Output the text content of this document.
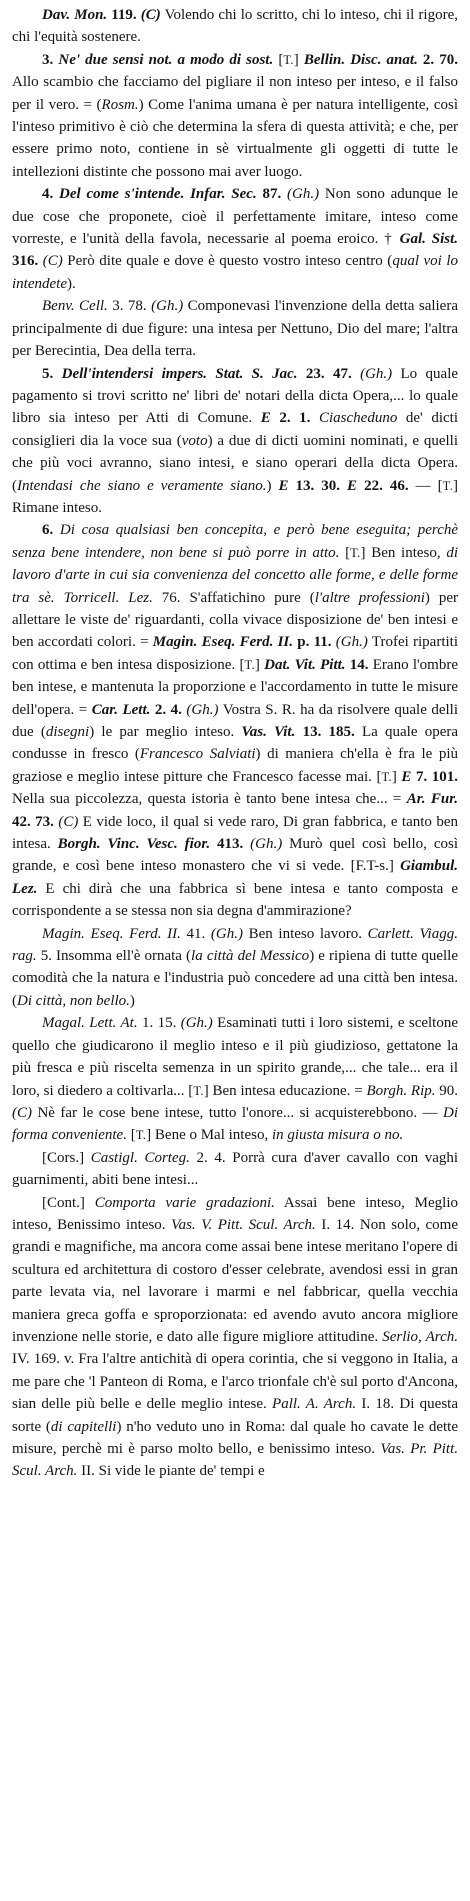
Dav. Mon. 119. (C) Volendo chi lo scritto, chi lo inteso, chi il rigore, chi l'equità sostenere.

3. Ne' due sensi not. a modo di sost. [T.] Bellin. Disc. anat. 2. 70. Allo scambio che facciamo del pigliare il non inteso per inteso, e il falso per il vero. = (Rosm.) Come l'anima umana è per natura intelligente, così l'inteso primitivo è ciò che determina la sfera di questa attività; e che, per essere primo noto, contiene in sè virtualmente gli oggetti di tutte le intellezioni distinte che possono mai aver luogo.

4. Del come s'intende. Infar. Sec. 87. (Gh.) Non sono adunque le due cose che proponete, cioè il perfettamente imitare, inteso come vorreste, e l'unità della favola, necessarie al poema eroico. † Gal. Sist. 316. (C) Però dite quale e dove è questo vostro inteso centro (qual voi lo intendete).

Benv. Cell. 3. 78. (Gh.) Componevasi l'invenzione della detta saliera principalmente di due figure: una intesa per Nettuno, Dio del mare; l'altra per Berecintia, Dea della terra.

5. Dell'intendersi impers. Stat. S. Jac. 23. 47. (Gh.) Lo quale pagamento si trovi scritto ne' libri de' notari della dicta Opera,... lo quale libro sia inteso per Atti di Comune. E 2. 1. Ciascheduno de' dicti consiglieri dia la voce sua (voto) a due di dicti uomini nominati, e quelli che più voci avranno, siano intesi, e siano operari della dicta Opera. (Intendasi che siano e veramente siano.) E 13. 30. E 22. 46. — [T.] Rimane inteso.

6. Di cosa qualsiasi ben concepita, e però bene eseguita; perchè senza bene intendere, non bene si può porre in atto. [T.] Ben inteso, di lavoro d'arte in cui sia convenienza del concetto alle forme, e delle forme tra sè. Torricell. Lez. 76. S'affatichino pure (l'altre professioni) per allettare le viste de' riguardanti, colla vivace disposizione de' ben intesi e ben accordati colori. = Magin. Eseq. Ferd. II. p. 11. (Gh.) Trofei ripartiti con ottima e ben intesa disposizione. [T.] Dat. Vit. Pitt. 14. Erano l'ombre ben intese, e mantenuta la proporzione e l'accordamento in tutte le misure dell'opera. = Car. Lett. 2. 4. (Gh.) Vostra S. R. ha da risolvere quale delli due (disegni) le par meglio inteso. Vas. Vit. 13. 185. La quale opera condusse in fresco (Francesco Salviati) di maniera ch'ella è fra le più graziose e meglio intese pitture che Francesco facesse mai. [T.] E 7. 101. Nella sua piccolezza, questa istoria è tanto bene intesa che... = Ar. Fur. 42. 73. (C) E vide loco, il qual si vede raro, Di gran fabbrica, e tanto ben intesa. Borgh. Vinc. Vesc. fior. 413. (Gh.) Murò quel così bello, così grande, e così bene inteso monastero che vi si vede. [F.T-s.] Giambul. Lez. E chi dirà che una fabbrica sì bene intesa e tanto composta e corrispondente a se stessa non sia degna d'ammirazione?

Magin. Eseq. Ferd. II. 41. (Gh.) Ben inteso lavoro. Carlett. Viagg. rag. 5. Insomma ell'è ornata (la città del Messico) e ripiena di tutte quelle comodità che la natura e l'industria può concedere ad una città ben intesa. (Di città, non bello.)

Magal. Lett. At. 1. 15. (Gh.) Esaminati tutti i loro sistemi, e sceltone quello che giudicarono il meglio inteso e il più giudizioso, gettatone la più fresca e più riscelta semenza in un spirito grande,... che tale... era il loro, si diedero a coltivarla... [T.] Ben intesa educazione. = Borgh. Rip. 90. (C) Nè far le cose bene intese, tutto l'onore... si acquisterebbono. — Di forma conveniente. [T.] Bene o Mal inteso, in giusta misura o no.

[Cors.] Castigl. Corteg. 2. 4. Porrà cura d'aver cavallo con vaghi guarnimenti, abiti bene intesi...

[Cont.] Comporta varie gradazioni. Assai bene inteso, Meglio inteso, Benissimo inteso. Vas. V. Pitt. Scul. Arch. I. 14. Non solo, come grandi e magnifiche, ma ancora come assai bene intese meritano l'opere di scultura ed architettura di costoro d'esser celebrate, avendosi essi in gran parte levata via, nel lavorare i marmi e nel fabbricar, quella vecchia maniera greca goffa e sproporzionata: ed avendo avuto ancora migliore invenzione nelle storie, e dato alle figure migliore attitudine. Serlio, Arch. IV. 169. v. Fra l'altre antichità di opera corintia, che si veggono in Italia, a me pare che 'l Panteon di Roma, e l'arco trionfale ch'è sul porto d'Ancona, sian delle più belle e delle meglio intese. Pall. A. Arch. I. 18. Di questa sorte (di capitelli) n'ho veduto uno in Roma: dal quale ho cavate le dette misure, perchè mi è parso molto bello, e benissimo inteso. Vas. Pr. Pitt. Scul. Arch. II. Si vide le piante de' tempi e
